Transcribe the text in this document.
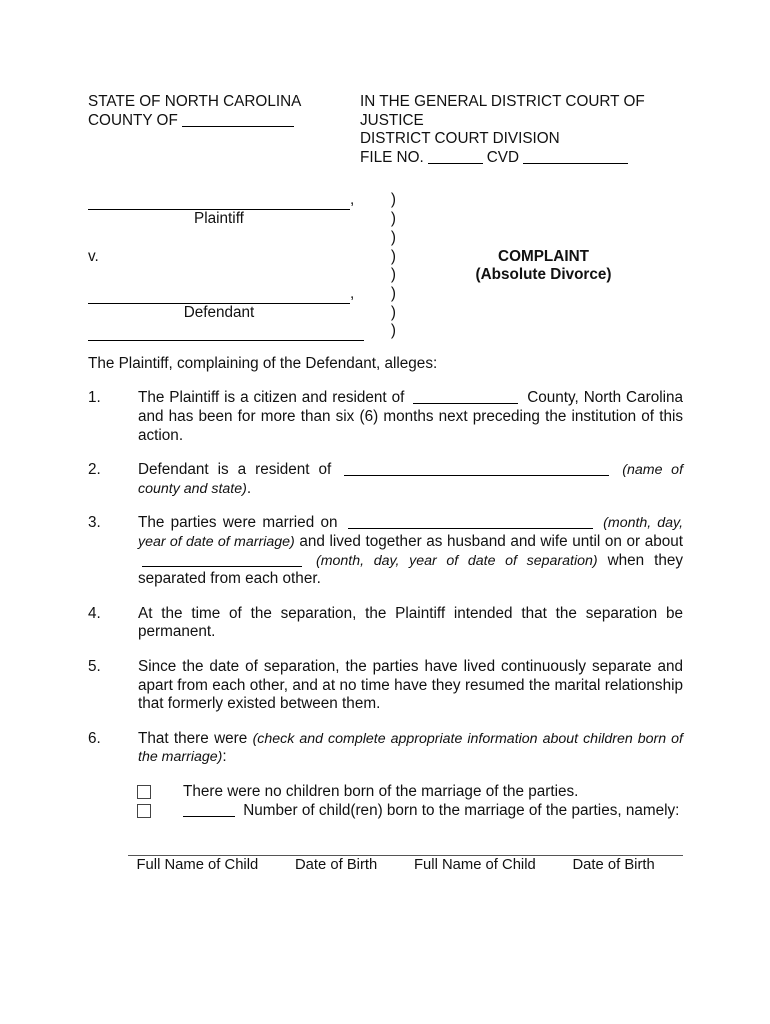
STATE OF NORTH CAROLINA
COUNTY OF
IN THE GENERAL DISTRICT COURT OF JUSTICE
DISTRICT COURT DIVISION
FILE NO.	CVD
,	)
Plaintiff	)
)
v.	)	COMPLAINT
)	(Absolute Divorce)
,	)
Defendant	)
)

The Plaintiff, complaining of the Defendant, alleges:

1.	The Plaintiff is a citizen and resident of	County, North Carolina and has been for more than six (6) months next preceding the institution of this action.
2.	Defendant is a resident of	(name of county and state).
3.	The parties were married on	(month, day, year of date of marriage) and lived together as husband and wife until on or about  (month, day, year of date of separation) when they separated from each other.
4.	At the time of the separation, the Plaintiff intended that the separation be permanent.
5.	Since the date of separation, the parties have lived continuously separate and apart from each other, and at no time have they resumed the marital relationship that formerly existed between them.
6.	That there were (check and complete appropriate information about children born of the marriage):
There were no children born of the marriage of the parties.
Number of child(ren) born to the marriage of the parties, namely:
Full Name of Child	Date of Birth	Full Name of Child	Date of Birth
